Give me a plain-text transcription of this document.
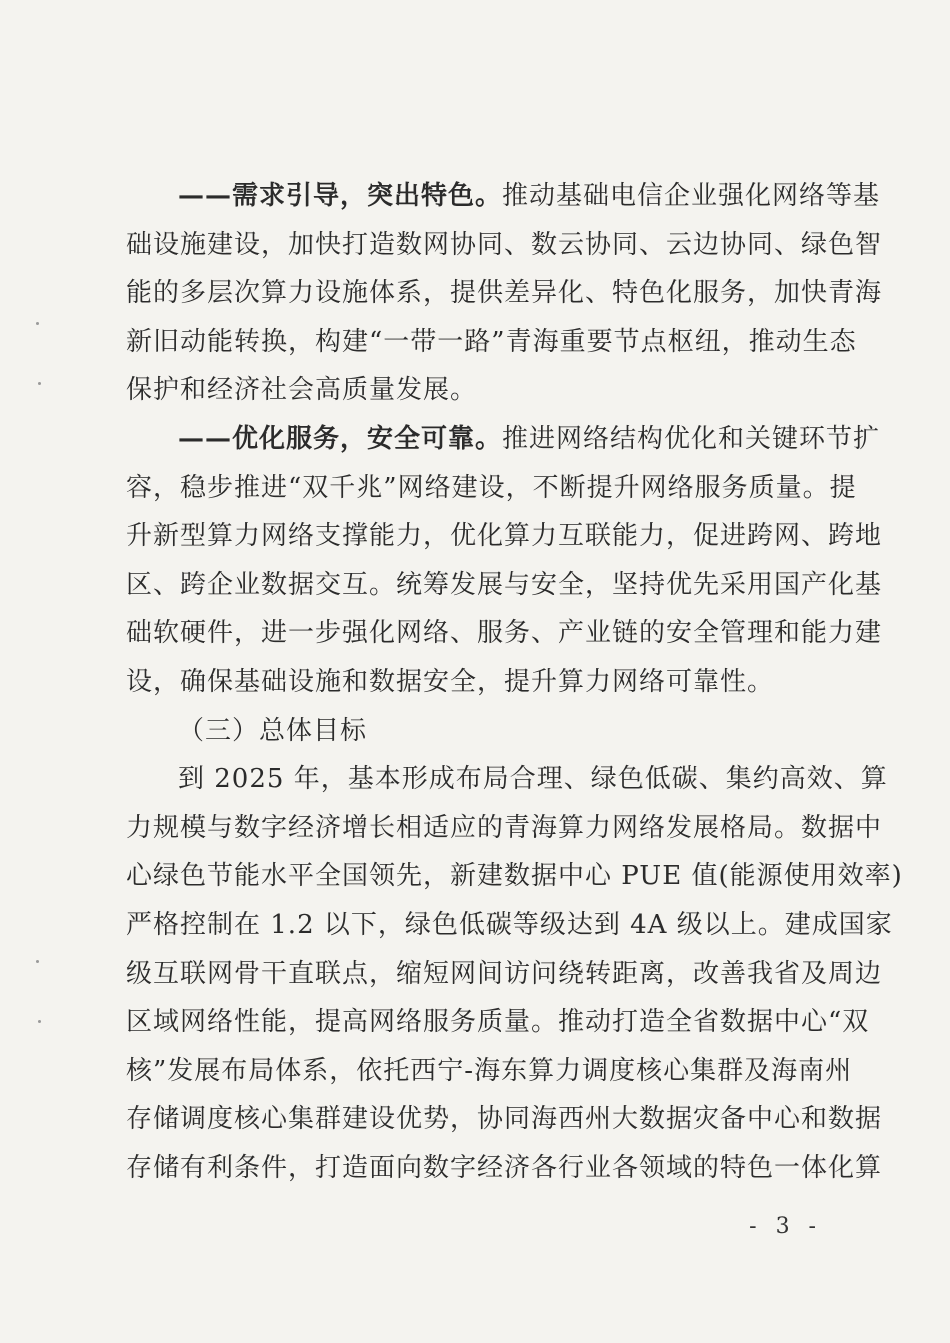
——需求引导，突出特色。推动基础电信企业强化网络等基
础设施建设，加快打造数网协同、数云协同、云边协同、绿色智
能的多层次算力设施体系，提供差异化、特色化服务，加快青海
新旧动能转换，构建“一带一路”青海重要节点枢纽，推动生态
保护和经济社会高质量发展。
——优化服务，安全可靠。推进网络结构优化和关键环节扩
容，稳步推进“双千兆”网络建设，不断提升网络服务质量。提
升新型算力网络支撑能力，优化算力互联能力，促进跨网、跨地
区、跨企业数据交互。统筹发展与安全，坚持优先采用国产化基
础软硬件，进一步强化网络、服务、产业链的安全管理和能力建
设，确保基础设施和数据安全，提升算力网络可靠性。
（三）总体目标
到 2025 年，基本形成布局合理、绿色低碳、集约高效、算
力规模与数字经济增长相适应的青海算力网络发展格局。数据中
心绿色节能水平全国领先，新建数据中心 PUE 值(能源使用效率)
严格控制在 1.2 以下，绿色低碳等级达到 4A 级以上。建成国家
级互联网骨干直联点，缩短网间访问绕转距离，改善我省及周边
区域网络性能，提高网络服务质量。推动打造全省数据中心“双
核”发展布局体系，依托西宁-海东算力调度核心集群及海南州
存储调度核心集群建设优势，协同海西州大数据灾备中心和数据
存储有利条件，打造面向数字经济各行业各领域的特色一体化算
- 3 -
